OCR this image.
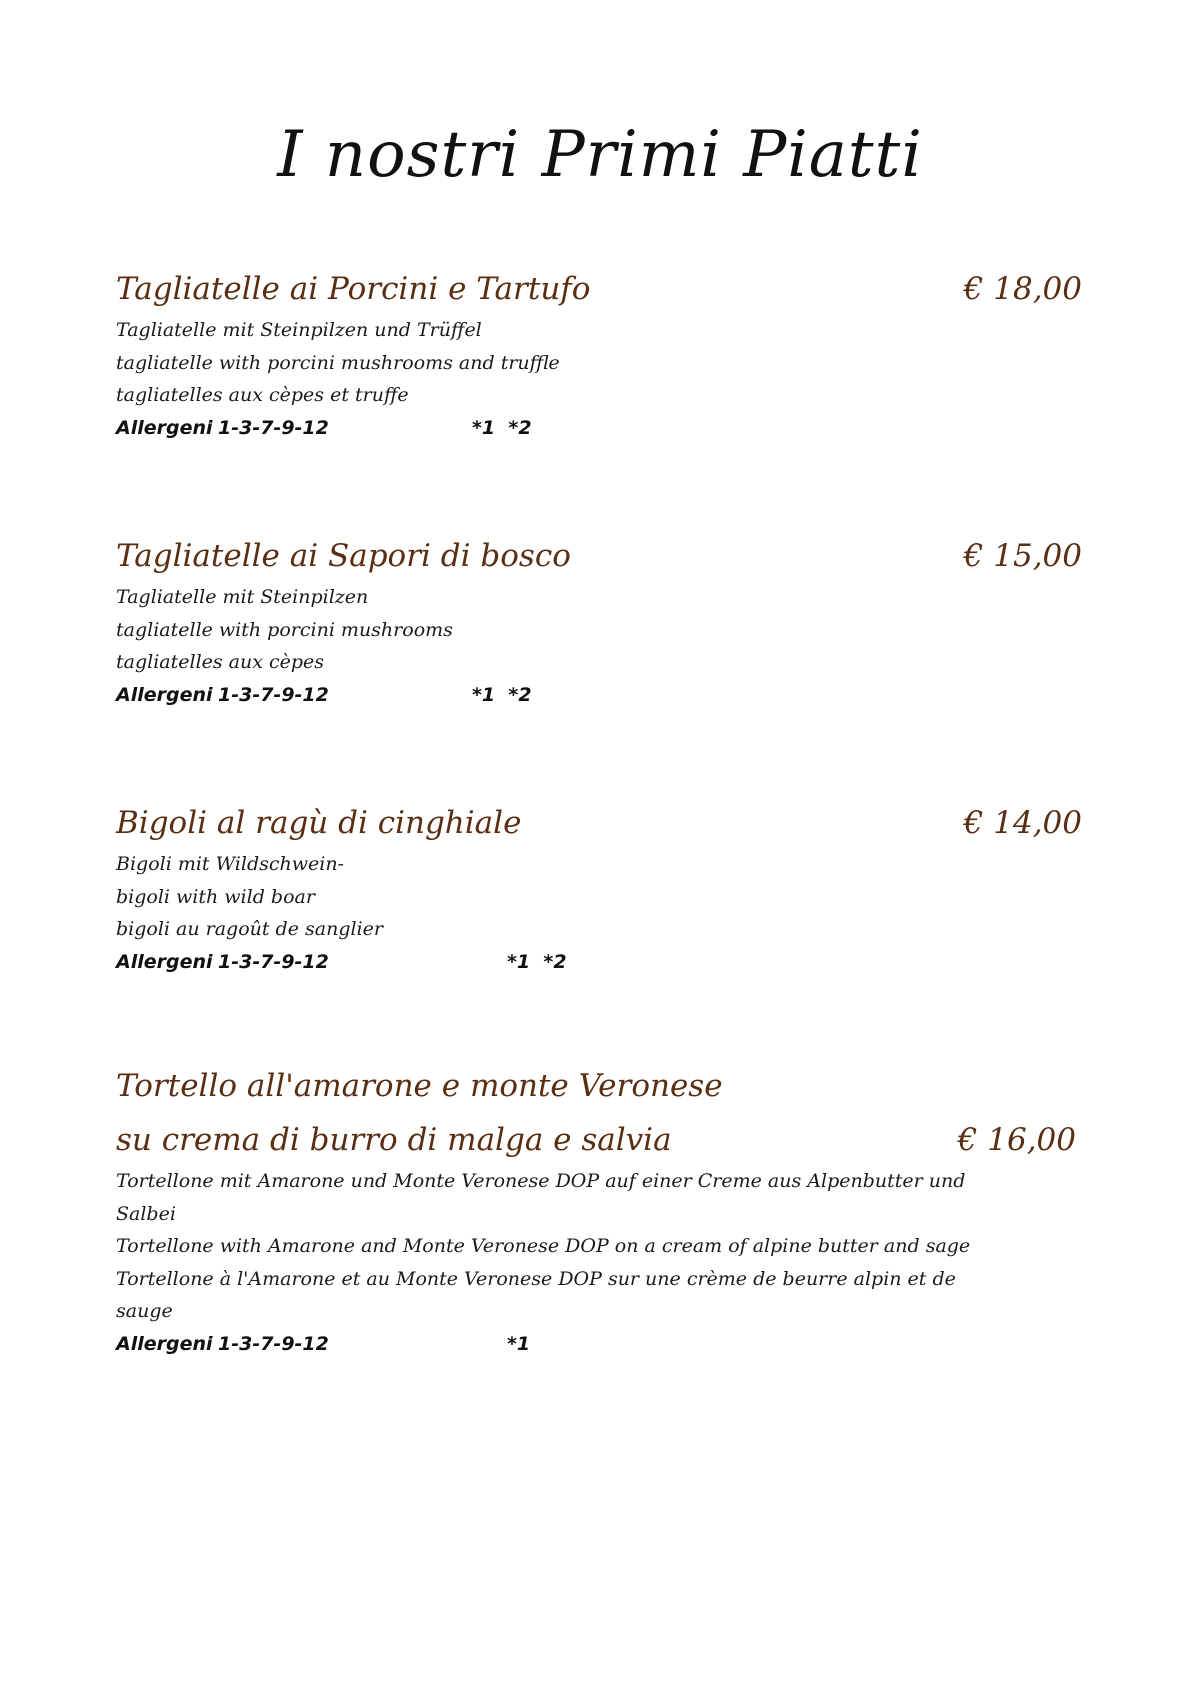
I nostri Primi Piatti
€ 18,00
Tagliatelle ai Porcini e Tartufo

Tagliatelle mit Steinpilzen und Trüffel

tagliatelle with porcini mushrooms and truffle

tagliatelles aux cèpes et truffe

Allergeni 1-3-7-9-12	*1  *2
€ 15,00
Tagliatelle ai Sapori di bosco

Tagliatelle mit Steinpilzen

tagliatelle with porcini mushrooms

tagliatelles aux cèpes

Allergeni 1-3-7-9-12	*1  *2
€ 14,00
Bigoli al ragù di cinghiale

Bigoli mit Wildschwein-

bigoli with wild boar

bigoli au ragoût de sanglier

Allergeni 1-3-7-9-12	*1  *2
Tortello all'amarone e monte Veronese
su crema di burro di malga e salvia	€ 16,00

Tortellone mit Amarone und Monte Veronese DOP auf einer Creme aus Alpenbutter und

Salbei

Tortellone with Amarone and Monte Veronese DOP on a cream of alpine butter and sage

Tortellone à l'Amarone et au Monte Veronese DOP sur une crème de beurre alpin et de

sauge

Allergeni 1-3-7-9-12	*1
